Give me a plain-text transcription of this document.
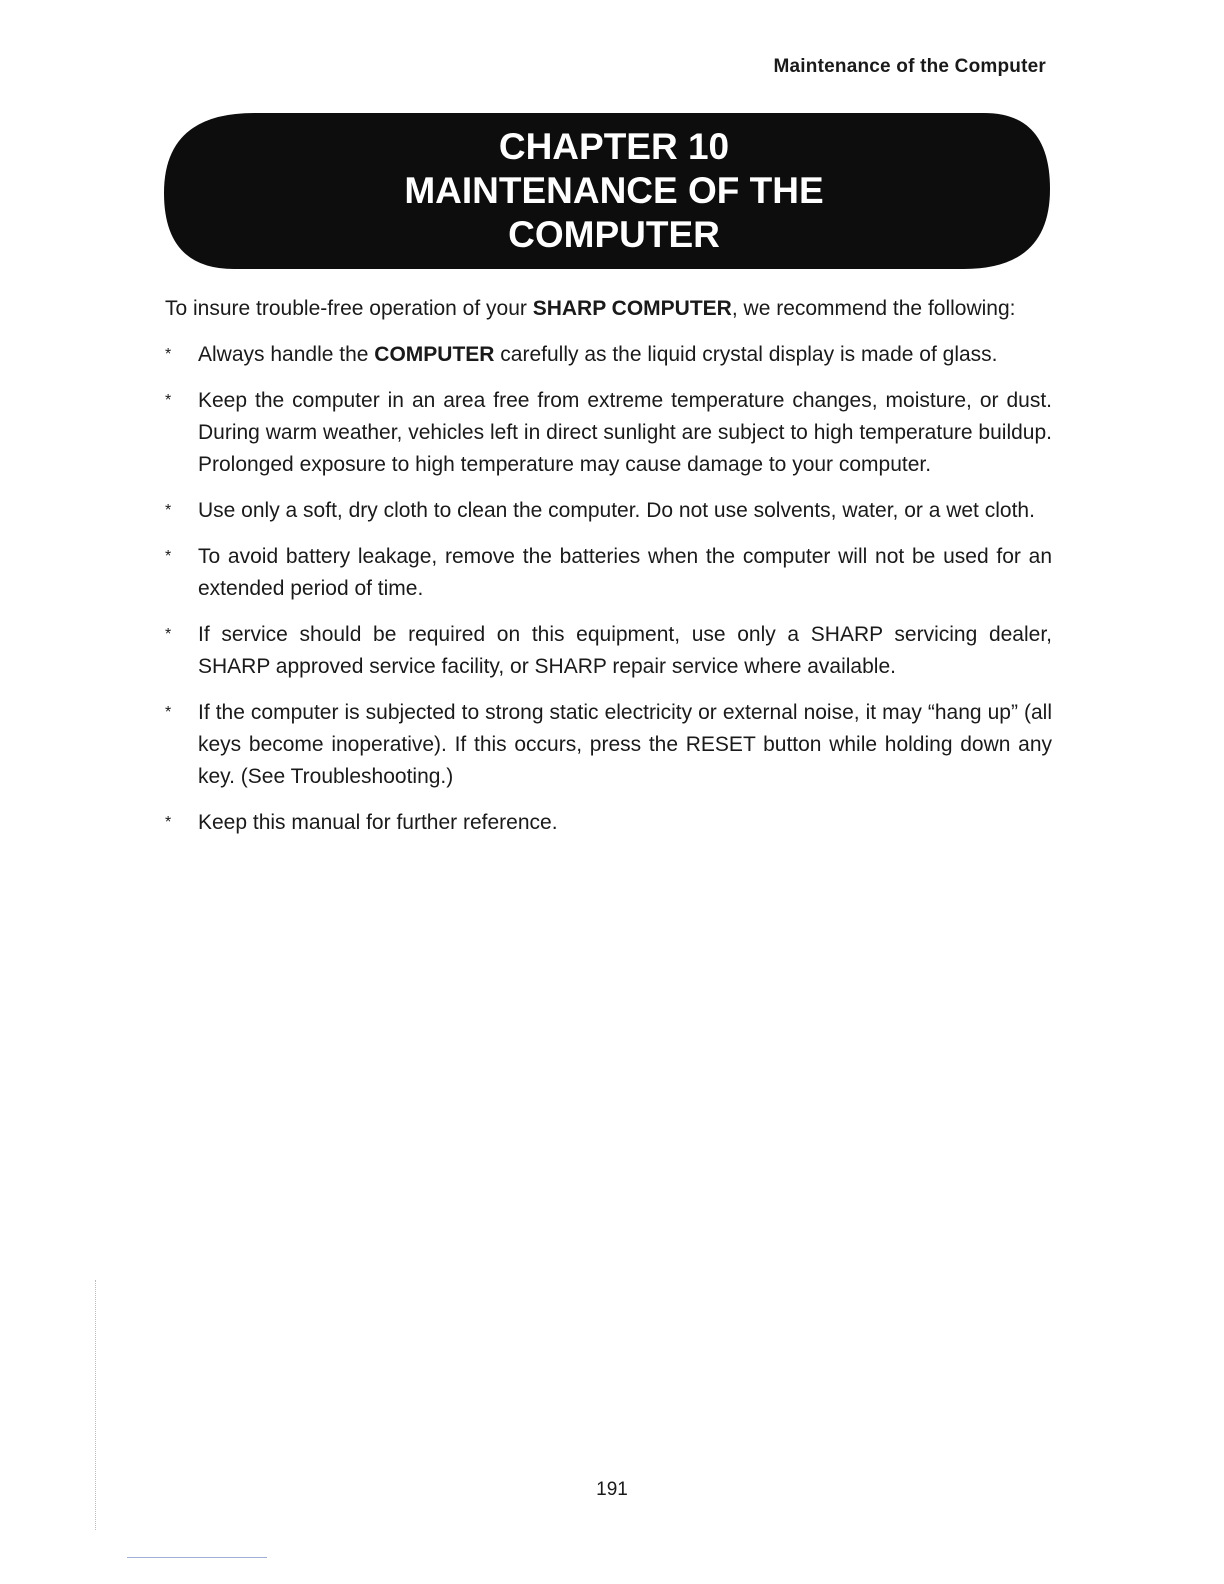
Maintenance of the Computer
CHAPTER 10
MAINTENANCE OF THE
COMPUTER

To insure trouble-free operation of your SHARP COMPUTER, we recommend the following:

* Always handle the COMPUTER carefully as the liquid crystal display is made of glass.
* Keep the computer in an area free from extreme temperature changes, moisture, or dust. During warm weather, vehicles left in direct sunlight are subject to high temperature buildup. Prolonged exposure to high temperature may cause damage to your computer.
* Use only a soft, dry cloth to clean the computer. Do not use solvents, water, or a wet cloth.
* To avoid battery leakage, remove the batteries when the computer will not be used for an extended period of time.
* If service should be required on this equipment, use only a SHARP servicing dealer, SHARP approved service facility, or SHARP repair service where available.
* If the computer is subjected to strong static electricity or external noise, it may “hang up” (all keys become inoperative). If this occurs, press the RESET button while holding down any key. (See Troubleshooting.)
* Keep this manual for further reference.
191
